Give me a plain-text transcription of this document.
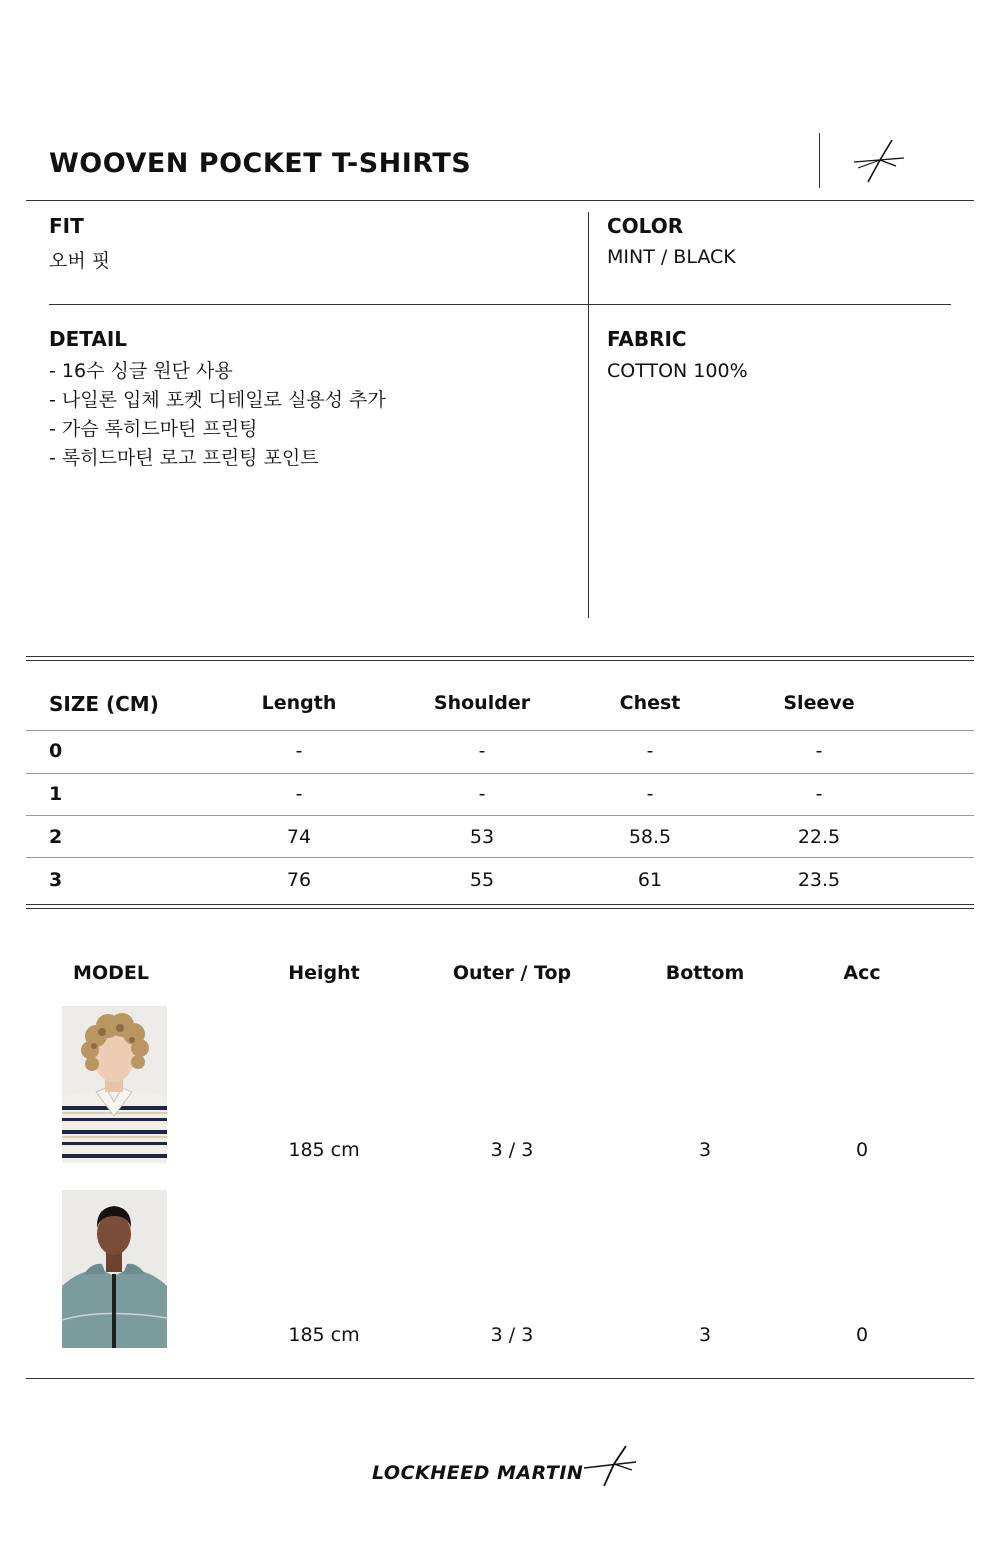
WOOVEN POCKET T-SHIRTS
FIT
오버 핏
COLOR
MINT / BLACK
DETAIL
- 16수 싱글 원단 사용
- 나일론 입체 포켓 디테일로 실용성 추가
- 가슴 록히드마틴 프린팅
- 록히드마틴 로고 프린팅 포인트
FABRIC
COTTON 100%
SIZE (CM)	Length	Shoulder	Chest	Sleeve
0	-	-	-	-
1	-	-	-	-
2	74	53	58.5	22.5
3	76	55	61	23.5
MODEL	Height	Outer / Top	Bottom	Acc
185 cm	3 / 3	3	0
185 cm	3 / 3	3	0
LOCKHEED MARTIN
